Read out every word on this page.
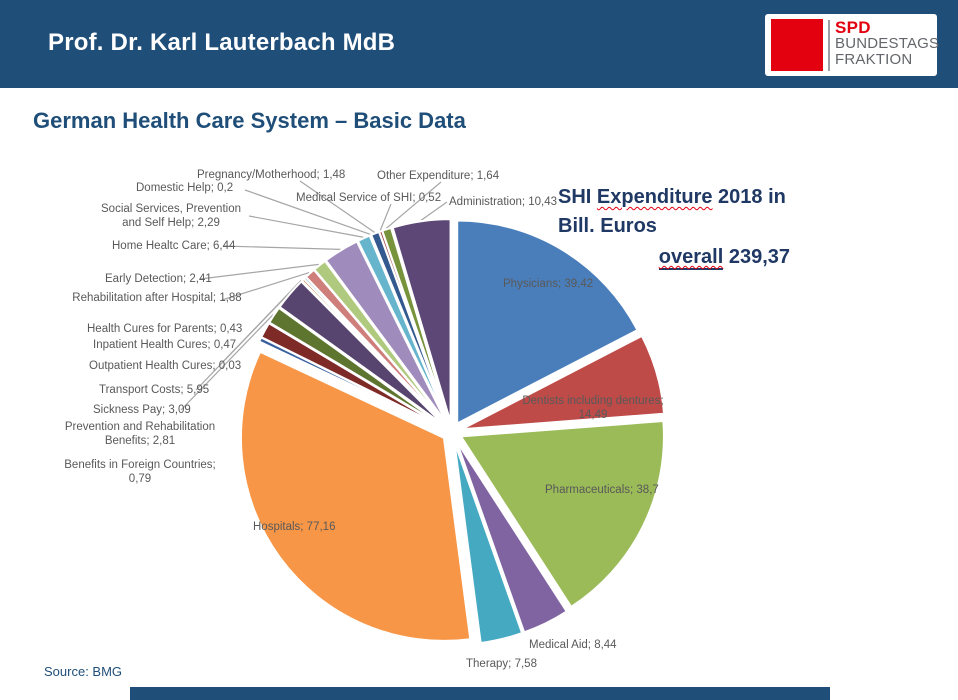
Prof. Dr. Karl Lauterbach MdB
SPD
BUNDESTAGS
FRAKTION
German Health Care System – Basic Data
Physicians; 39,42
Dentists including dentures; 14,49
Pharmaceuticals; 38,7
Medical Aid; 8,44
Therapy; 7,58
Hospitals; 77,16
Benefits in Foreign Countries; 0,79
Prevention and Rehabilitation Benefits; 2,81
Sickness Pay; 3,09
Transport Costs; 5,95
Outpatient Health Cures; 0,03
Inpatient Health Cures; 0,47
Health Cures for Parents; 0,43
Rehabilitation after Hospital; 1,88
Early Detection; 2,41
Home Healtc Care; 6,44
Social Services, Prevention and Self Help; 2,29
Domestic Help; 0,2
Pregnancy/Motherhood; 1,48
Medical Service of SHI; 0,52
Other Expenditure; 1,64
Administration; 10,43 SHI Expenditure 2018 in
Bill. Euros
overall 239,37
Source: BMG
